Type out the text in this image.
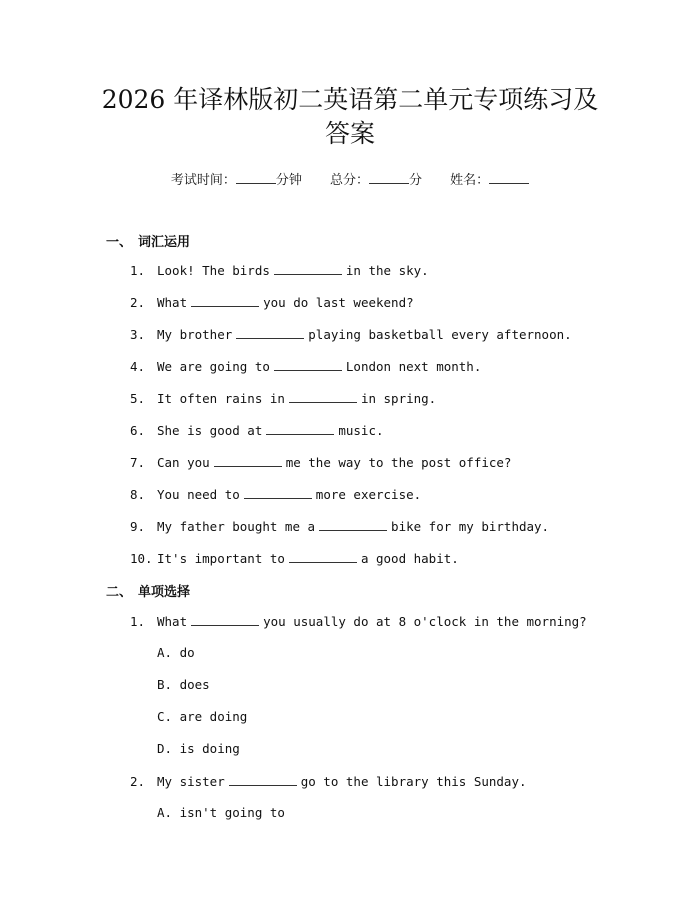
2026 年译林版初二英语第二单元专项练习及
答案
考试时间：	分钟 总分：	分 姓名：
一、 词汇运用
1. Look! The birds	in the sky.
2. What	you do last weekend?
3. My brother	playing basketball every afternoon.
4. We are going to	London next month.
5. It often rains in	in spring.
6. She is good at	music.
7. Can you	me the way to the post office?
8. You need to	more exercise.
9. My father bought me a	bike for my birthday.
10. It's important to	a good habit.
二、 单项选择
1. What	you usually do at 8 o'clock in the morning?
A. do
B. does
C. are doing
D. is doing
2. My sister	go to the library this Sunday.
A. isn't going to
